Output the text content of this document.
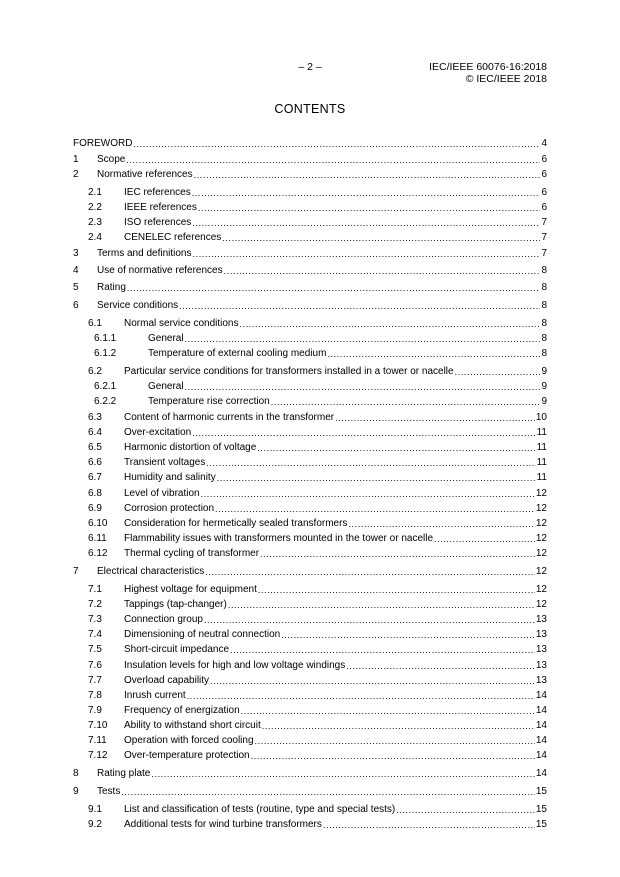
– 2 –	IEC/IEEE 60076-16:2018
© IEC/IEEE 2018
CONTENTS
FOREWORD .....	4
1	Scope .....	6
2	Normative references .....	6
2.1	IEC references .....	6
2.2	IEEE references .....	6
2.3	ISO references .....	7
2.4	CENELEC references .....	7
3	Terms and definitions .....	7
4	Use of normative references .....	8
5	Rating .....	8
6	Service conditions .....	8
6.1	Normal service conditions .....	8
6.1.1	General .....	8
6.1.2	Temperature of external cooling medium .....	8
6.2	Particular service conditions for transformers installed in a tower or nacelle .....	9
6.2.1	General .....	9
6.2.2	Temperature rise correction .....	9
6.3	Content of harmonic currents in the transformer .....	10
6.4	Over-excitation .....	11
6.5	Harmonic distortion of voltage .....	11
6.6	Transient voltages .....	11
6.7	Humidity and salinity .....	11
6.8	Level of vibration .....	12
6.9	Corrosion protection .....	12
6.10	Consideration for hermetically sealed transformers .....	12
6.11	Flammability issues with transformers mounted in the tower or nacelle .....	12
6.12	Thermal cycling of transformer .....	12
7	Electrical characteristics .....	12
7.1	Highest voltage for equipment .....	12
7.2	Tappings (tap-changer) .....	12
7.3	Connection group .....	13
7.4	Dimensioning of neutral connection .....	13
7.5	Short-circuit impedance .....	13
7.6	Insulation levels for high and low voltage windings .....	13
7.7	Overload capability .....	13
7.8	Inrush current .....	14
7.9	Frequency of energization .....	14
7.10	Ability to withstand short circuit .....	14
7.11	Operation with forced cooling .....	14
7.12	Over-temperature protection .....	14
8	Rating plate .....	14
9	Tests .....	15
9.1	List and classification of tests (routine, type and special tests) .....	15
9.2	Additional tests for wind turbine transformers .....	15
